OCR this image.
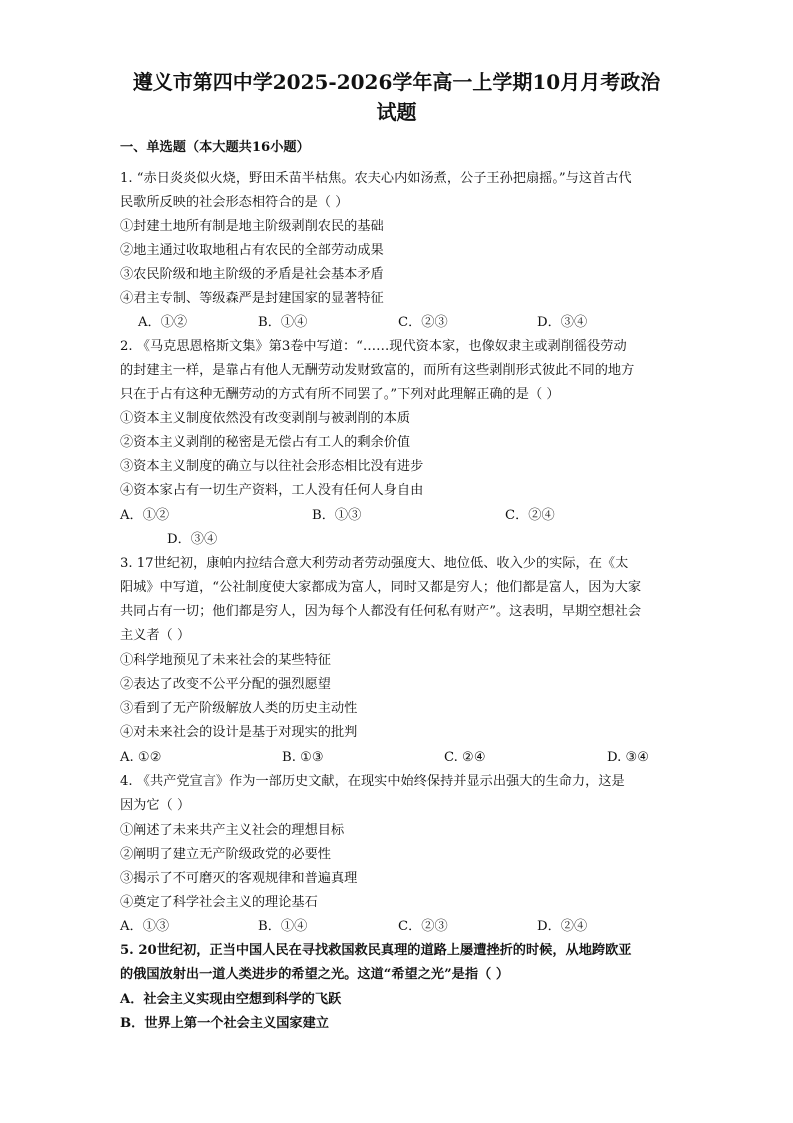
遵义市第四中学2025-2026学年高一上学期10月月考政治
试题
一、单选题（本大题共16小题）
1. “赤日炎炎似火烧，野田禾苗半枯焦。农夫心内如汤煮，公子王孙把扇摇。”与这首古代
民歌所反映的社会形态相符合的是（ ）
①封建土地所有制是地主阶级剥削农民的基础
②地主通过收取地租占有农民的全部劳动成果
③农民阶级和地主阶级的矛盾是社会基本矛盾
④君主专制、等级森严是封建国家的显著特征
A．①②	B．①④	C．②③	D．③④
2. 《马克思恩格斯文集》第3卷中写道：“……现代资本家，也像奴隶主或剥削徭役劳动
的封建主一样，是靠占有他人无酬劳动发财致富的，而所有这些剥削形式彼此不同的地方
只在于占有这种无酬劳动的方式有所不同罢了。”下列对此理解正确的是（ ）
①资本主义制度依然没有改变剥削与被剥削的本质
②资本主义剥削的秘密是无偿占有工人的剩余价值
③资本主义制度的确立与以往社会形态相比没有进步
④资本家占有一切生产资料，工人没有任何人身自由
A．①②	B．①③	C．②④
D．③④
3. 17世纪初，康帕内拉结合意大利劳动者劳动强度大、地位低、收入少的实际，在《太
阳城》中写道，“公社制度使大家都成为富人，同时又都是穷人；他们都是富人，因为大家
共同占有一切；他们都是穷人，因为每个人都没有任何私有财产”。这表明，早期空想社会
主义者（ ）
①科学地预见了未来社会的某些特征
②表达了改变不公平分配的强烈愿望
③看到了无产阶级解放人类的历史主动性
④对未来社会的设计是基于对现实的批判
A. ①②	B. ①③	C. ②④	D. ③④
4. 《共产党宣言》作为一部历史文献，在现实中始终保持并显示出强大的生命力，这是
因为它（ ）
①阐述了未来共产主义社会的理想目标
②阐明了建立无产阶级政党的必要性
③揭示了不可磨灭的客观规律和普遍真理
④奠定了科学社会主义的理论基石
A．①③	B．①④	C．②③	D．②④
5. 20世纪初，正当中国人民在寻找救国救民真理的道路上屡遭挫折的时候，从地跨欧亚
的俄国放射出一道人类进步的希望之光。这道“希望之光”是指（ ）
A．社会主义实现由空想到科学的飞跃
B．世界上第一个社会主义国家建立
